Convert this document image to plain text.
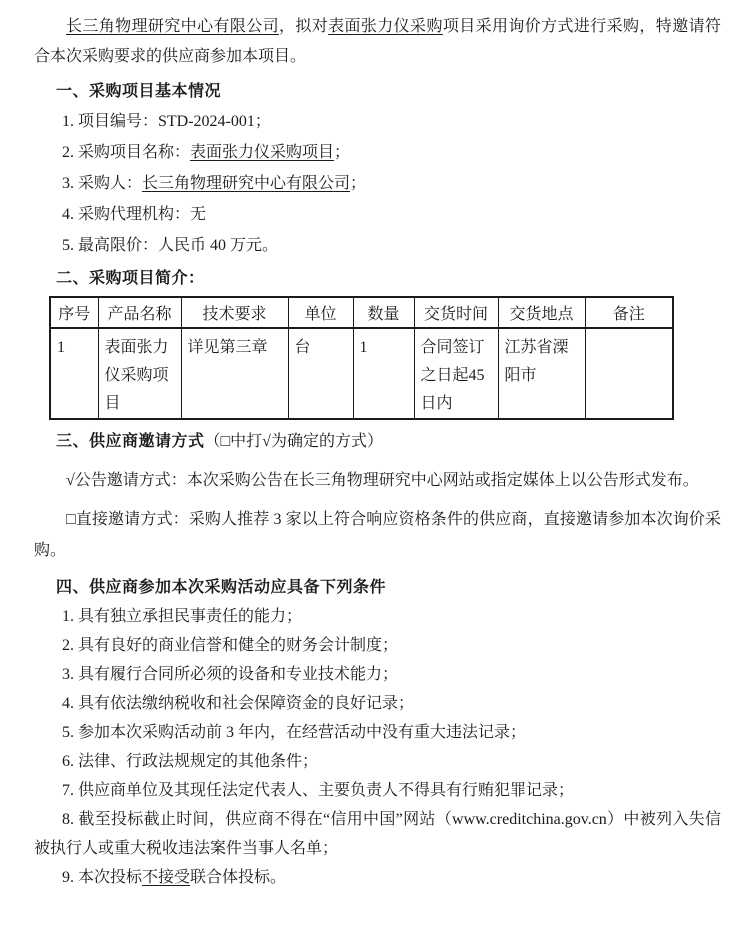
长三角物理研究中心有限公司，拟对表面张力仪采购项目采用询价方式进行采购，特邀请符合本次采购要求的供应商参加本项目。

一、采购项目基本情况

1. 项目编号：STD-2024-001；

2. 采购项目名称：表面张力仪采购项目；

3. 采购人：长三角物理研究中心有限公司；

4. 采购代理机构：无

5. 最高限价：人民币 40 万元。

二、采购项目简介：

序号	产品名称	技术要求	单位	数量	交货时间	交货地点	备注
1	表面张力仪采购项目	详见第三章	台	1	合同签订之日起45日内	江苏省溧阳市	

三、供应商邀请方式（□中打√为确定的方式）

√公告邀请方式：本次采购公告在长三角物理研究中心网站或指定媒体上以公告形式发布。

□直接邀请方式：采购人推荐 3 家以上符合响应资格条件的供应商，直接邀请参加本次询价采购。

四、供应商参加本次采购活动应具备下列条件

1. 具有独立承担民事责任的能力；

2. 具有良好的商业信誉和健全的财务会计制度；

3. 具有履行合同所必须的设备和专业技术能力；

4. 具有依法缴纳税收和社会保障资金的良好记录；

5. 参加本次采购活动前 3 年内，在经营活动中没有重大违法记录；

6. 法律、行政法规规定的其他条件；

7. 供应商单位及其现任法定代表人、主要负责人不得具有行贿犯罪记录；

8. 截至投标截止时间，供应商不得在“信用中国”网站（www.creditchina.gov.cn）中被列入失信被执行人或重大税收违法案件当事人名单；

9. 本次投标不接受联合体投标。
